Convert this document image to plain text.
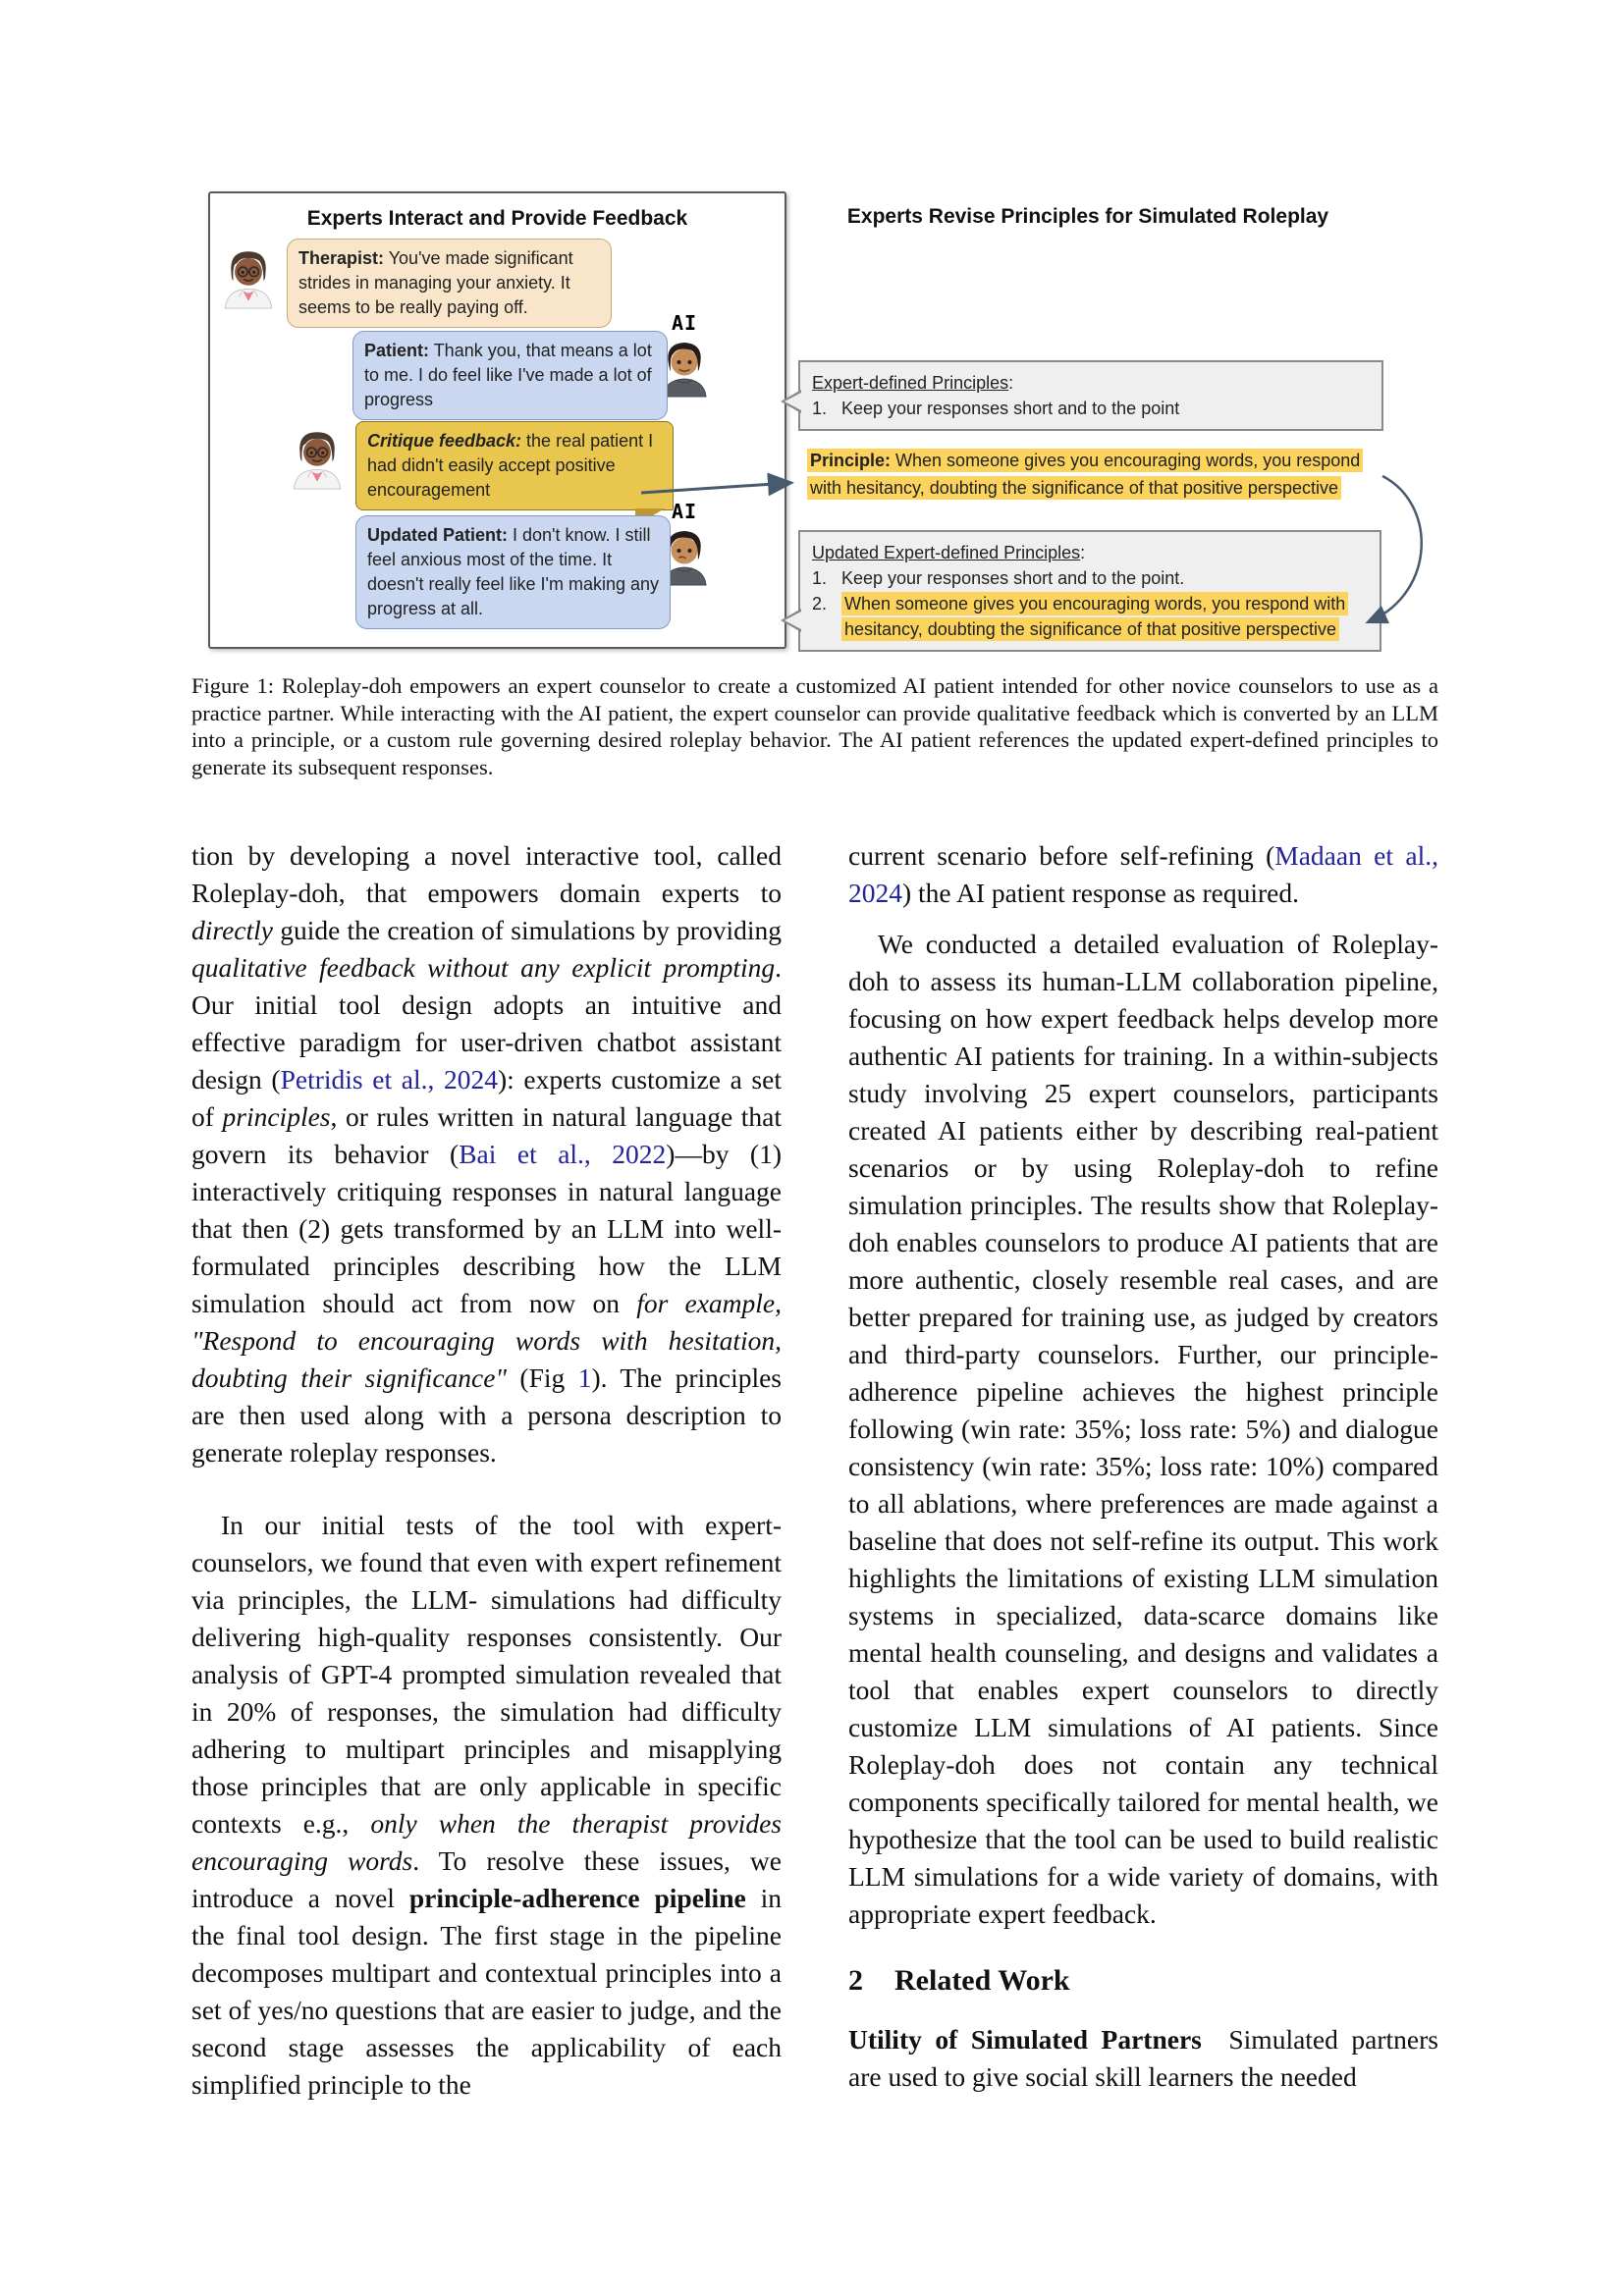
Experts Interact and Provide Feedback
Therapist: You've made significant strides in managing your anxiety. It seems to be really paying off.
AI
Patient: Thank you, that means a lot to me. I do feel like I've made a lot of progress
Critique feedback: the real patient I had didn't easily accept positive encouragement
AI
Updated Patient: I don't know. I still feel anxious most of the time. It doesn't really feel like I'm making any progress at all.
Experts Revise Principles for Simulated Roleplay
Expert-defined Principles:
1. Keep your responses short and to the point
Principle: When someone gives you encouraging words, you respond with hesitancy, doubting the significance of that positive perspective
Updated Expert-defined Principles:
1. Keep your responses short and to the point.
2. When someone gives you encouraging words, you respond with hesitancy, doubting the significance of that positive perspective
Figure 1: Roleplay-doh empowers an expert counselor to create a customized AI patient intended for other novice counselors to use as a practice partner. While interacting with the AI patient, the expert counselor can provide qualitative feedback which is converted by an LLM into a principle, or a custom rule governing desired roleplay behavior. The AI patient references the updated expert-defined principles to generate its subsequent responses.

tion by developing a novel interactive tool, called Roleplay-doh, that empowers domain experts to directly guide the creation of simulations by providing qualitative feedback without any explicit prompting. Our initial tool design adopts an intuitive and effective paradigm for user-driven chatbot assistant design (Petridis et al., 2024): experts customize a set of principles, or rules written in natural language that govern its behavior (Bai et al., 2022)—by (1) interactively critiquing responses in natural language that then (2) gets transformed by an LLM into well-formulated principles describing how the LLM simulation should act from now on for example, "Respond to encouraging words with hesitation, doubting their significance" (Fig 1). The principles are then used along with a persona description to generate roleplay responses.

In our initial tests of the tool with expert-counselors, we found that even with expert refinement via principles, the LLM- simulations had difficulty delivering high-quality responses consistently. Our analysis of GPT-4 prompted simulation revealed that in 20% of responses, the simulation had difficulty adhering to multipart principles and misapplying those principles that are only applicable in specific contexts e.g., only when the therapist provides encouraging words. To resolve these issues, we introduce a novel principle-adherence pipeline in the final tool design. The first stage in the pipeline decomposes multipart and contextual principles into a set of yes/no questions that are easier to judge, and the second stage assesses the applicability of each simplified principle to the

current scenario before self-refining (Madaan et al., 2024) the AI patient response as required.

We conducted a detailed evaluation of Roleplay-doh to assess its human-LLM collaboration pipeline, focusing on how expert feedback helps develop more authentic AI patients for training. In a within-subjects study involving 25 expert counselors, participants created AI patients either by describing real-patient scenarios or by using Roleplay-doh to refine simulation principles. The results show that Roleplay-doh enables counselors to produce AI patients that are more authentic, closely resemble real cases, and are better prepared for training use, as judged by creators and third-party counselors. Further, our principle-adherence pipeline achieves the highest principle following (win rate: 35%; loss rate: 5%) and dialogue consistency (win rate: 35%; loss rate: 10%) compared to all ablations, where preferences are made against a baseline that does not self-refine its output. This work highlights the limitations of existing LLM simulation systems in specialized, data-scarce domains like mental health counseling, and designs and validates a tool that enables expert counselors to directly customize LLM simulations of AI patients. Since Roleplay-doh does not contain any technical components specifically tailored for mental health, we hypothesize that the tool can be used to build realistic LLM simulations for a wide variety of domains, with appropriate expert feedback.

2 Related Work

Utility of Simulated Partners  Simulated partners are used to give social skill learners the needed
